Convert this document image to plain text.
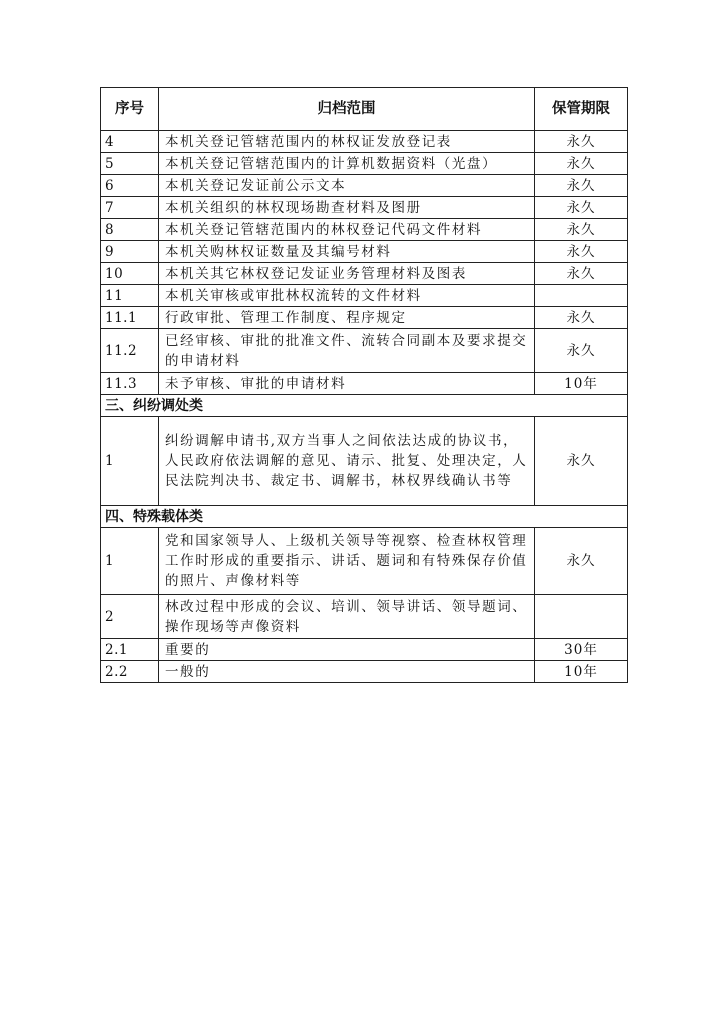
序号	归档范围	保管期限
4	本机关登记管辖范围内的林权证发放登记表	永久
5	本机关登记管辖范围内的计算机数据资料（光盘）	永久
6	本机关登记发证前公示文本	永久
7	本机关组织的林权现场勘查材料及图册	永久
8	本机关登记管辖范围内的林权登记代码文件材料	永久
9	本机关购林权证数量及其编号材料	永久
10	本机关其它林权登记发证业务管理材料及图表	永久
11	本机关审核或审批林权流转的文件材料	
11.1	行政审批、管理工作制度、程序规定	永久
11.2	已经审核、审批的批准文件、流转合同副本及要求提交的申请材料	永久
11.3	未予审核、审批的申请材料	10年
三、纠纷调处类		
1	纠纷调解申请书,双方当事人之间依法达成的协议书，人民政府依法调解的意见、请示、批复、处理决定，人民法院判决书、裁定书、调解书，林权界线确认书等	永久
四、特殊载体类		
1	党和国家领导人、上级机关领导等视察、检查林权管理工作时形成的重要指示、讲话、题词和有特殊保存价值的照片、声像材料等	永久
2	林改过程中形成的会议、培训、领导讲话、领导题词、操作现场等声像资料	
2.1	重要的	30年
2.2	一般的	10年
